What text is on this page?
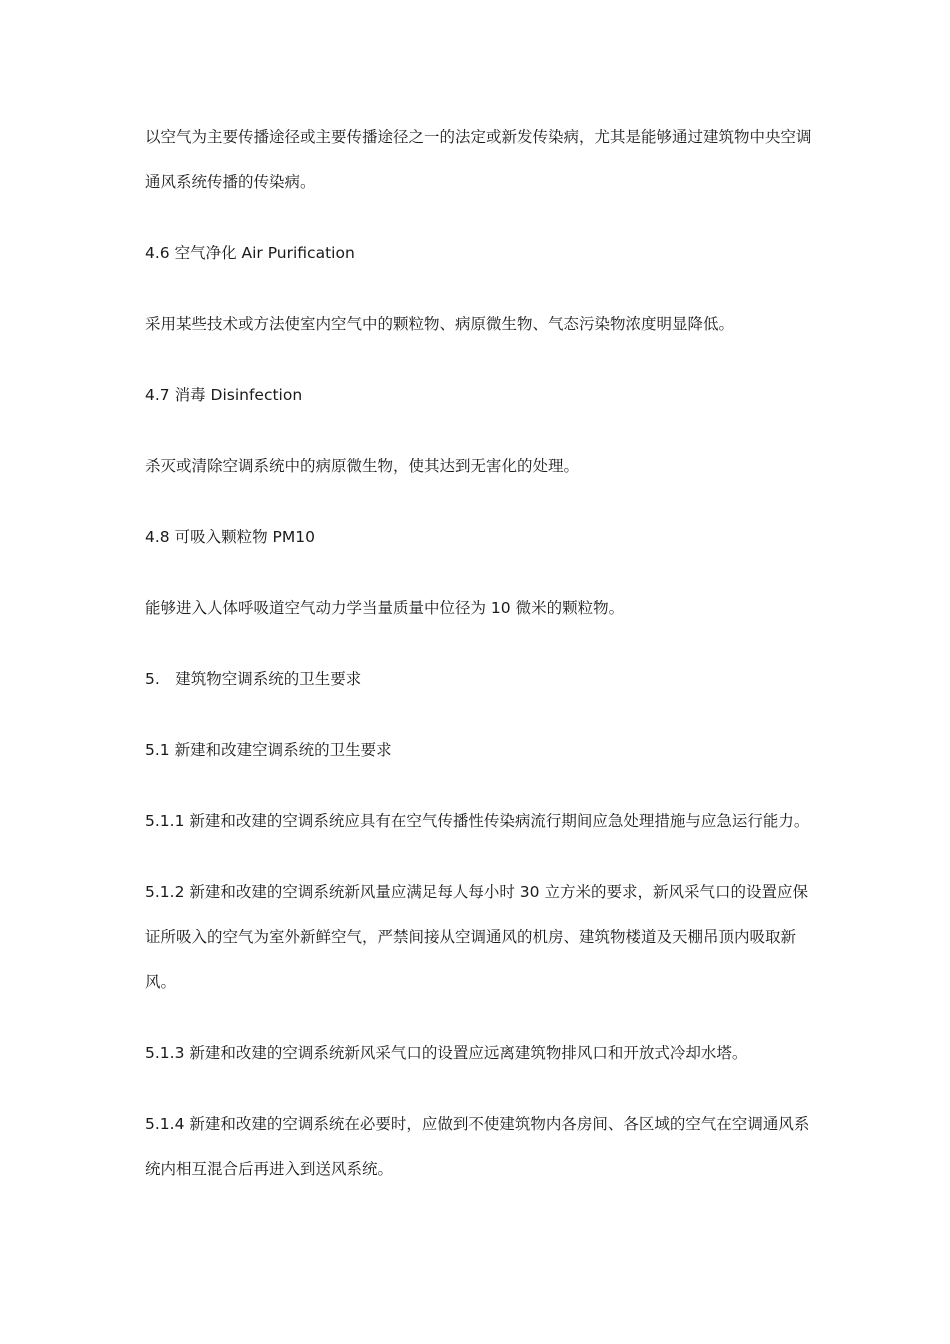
以空气为主要传播途径或主要传播途径之一的法定或新发传染病，尤其是能够通过建筑物中央空调通风系统传播的传染病。

4.6 空气净化 Air Purification

采用某些技术或方法使室内空气中的颗粒物、病原微生物、气态污染物浓度明显降低。

4.7 消毒 Disinfection

杀灭或清除空调系统中的病原微生物，使其达到无害化的处理。

4.8 可吸入颗粒物 PM10

能够进入人体呼吸道空气动力学当量质量中位径为 10 微米的颗粒物。

5.　建筑物空调系统的卫生要求

5.1 新建和改建空调系统的卫生要求

5.1.1 新建和改建的空调系统应具有在空气传播性传染病流行期间应急处理措施与应急运行能力。

5.1.2 新建和改建的空调系统新风量应满足每人每小时 30 立方米的要求，新风采气口的设置应保证所吸入的空气为室外新鲜空气，严禁间接从空调通风的机房、建筑物楼道及天棚吊顶内吸取新风。

5.1.3 新建和改建的空调系统新风采气口的设置应远离建筑物排风口和开放式冷却水塔。

5.1.4 新建和改建的空调系统在必要时，应做到不使建筑物内各房间、各区域的空气在空调通风系统内相互混合后再进入到送风系统。
